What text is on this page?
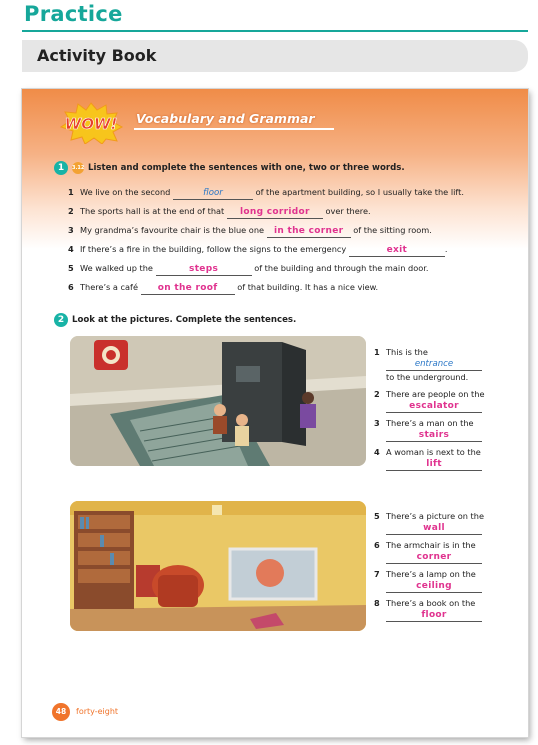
Practice
Activity Book
WOW! Vocabulary and Grammar
1	3.12 Listen and complete the sentences with one, two or three words.
1 We live on the second	floor	of the apartment building, so I usually take the lift.
2 The sports hall is at the end of that long corridor over there.
3 My grandma’s favourite chair is the blue one in the corner of the sitting room.
4 If there’s a fire in the building, follow the signs to the emergency	exit	.
5 We walked up the	steps	of the building and through the main door.
6 There’s a café on the roof of that building. It has a nice view.
2 Look at the pictures. Complete the sentences.
1 This is the
entrance
to the underground.
2 There are people on the
escalator
3 There’s a man on the
stairs
4 A woman is next to the
lift
5 There’s a picture on the
wall
6 The armchair is in the
corner
7 There’s a lamp on the
ceiling
8 There’s a book on the
floor
48	forty-eight
